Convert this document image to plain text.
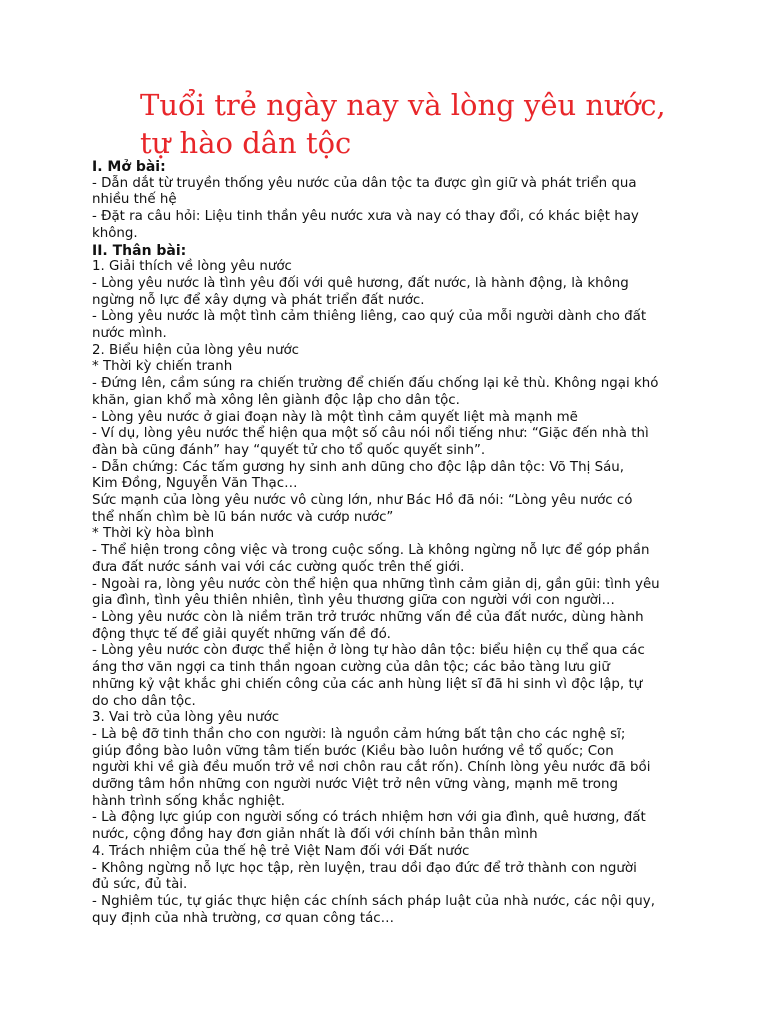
Tuổi trẻ ngày nay và lòng yêu nước,
tự hào dân tộc
I. Mở bài:
- Dẫn dắt từ truyền thống yêu nước của dân tộc ta được gìn giữ và phát triển qua
nhiều thế hệ
- Đặt ra câu hỏi: Liệu tinh thần yêu nước xưa và nay có thay đổi, có khác biệt hay
không.
II. Thân bài:
1. Giải thích về lòng yêu nước
- Lòng yêu nước là tình yêu đối với quê hương, đất nước, là hành động, là không
ngừng nỗ lực để xây dựng và phát triển đất nước.
- Lòng yêu nước là một tình cảm thiêng liêng, cao quý của mỗi người dành cho đất
nước mình.
2. Biểu hiện của lòng yêu nước
* Thời kỳ chiến tranh
- Đứng lên, cầm súng ra chiến trường để chiến đấu chống lại kẻ thù. Không ngại khó
khăn, gian khổ mà xông lên giành độc lập cho dân tộc.
- Lòng yêu nước ở giai đoạn này là một tình cảm quyết liệt mà mạnh mẽ
- Ví dụ, lòng yêu nước thể hiện qua một số câu nói nổi tiếng như: “Giặc đến nhà thì
đàn bà cũng đánh” hay “quyết tử cho tổ quốc quyết sinh”.
- Dẫn chứng: Các tấm gương hy sinh anh dũng cho độc lập dân tộc: Võ Thị Sáu,
Kim Đồng, Nguyễn Văn Thạc…
Sức mạnh của lòng yêu nước vô cùng lớn, như Bác Hồ đã nói: “Lòng yêu nước có
thể nhấn chìm bè lũ bán nước và cướp nước”
* Thời kỳ hòa bình
- Thể hiện trong công việc và trong cuộc sống. Là không ngừng nỗ lực để góp phần
đưa đất nước sánh vai với các cường quốc trên thế giới.
- Ngoài ra, lòng yêu nước còn thể hiện qua những tình cảm giản dị, gần gũi: tình yêu
gia đình, tình yêu thiên nhiên, tình yêu thương giữa con người với con người…
- Lòng yêu nước còn là niềm trăn trở trước những vấn đề của đất nước, dùng hành
động thực tế để giải quyết những vấn đề đó.
- Lòng yêu nước còn được thể hiện ở lòng tự hào dân tộc: biểu hiện cụ thể qua các
áng thơ văn ngợi ca tinh thần ngoan cường của dân tộc; các bảo tàng lưu giữ
những kỷ vật khắc ghi chiến công của các anh hùng liệt sĩ đã hi sinh vì độc lập, tự
do cho dân tộc.
3. Vai trò của lòng yêu nước
- Là bệ đỡ tinh thần cho con người: là nguồn cảm hứng bất tận cho các nghệ sĩ;
giúp đồng bào luôn vững tâm tiến bước (Kiều bào luôn hướng về tổ quốc; Con
người khi về già đều muốn trở về nơi chôn rau cắt rốn). Chính lòng yêu nước đã bồi
dưỡng tâm hồn những con người nước Việt trở nên vững vàng, mạnh mẽ trong
hành trình sống khắc nghiệt.
- Là động lực giúp con người sống có trách nhiệm hơn với gia đình, quê hương, đất
nước, cộng đồng hay đơn giản nhất là đối với chính bản thân mình
4. Trách nhiệm của thế hệ trẻ Việt Nam đối với Đất nước
- Không ngừng nỗ lực học tập, rèn luyện, trau dồi đạo đức để trở thành con người
đủ sức, đủ tài.
- Nghiêm túc, tự giác thực hiện các chính sách pháp luật của nhà nước, các nội quy,
quy định của nhà trường, cơ quan công tác…
